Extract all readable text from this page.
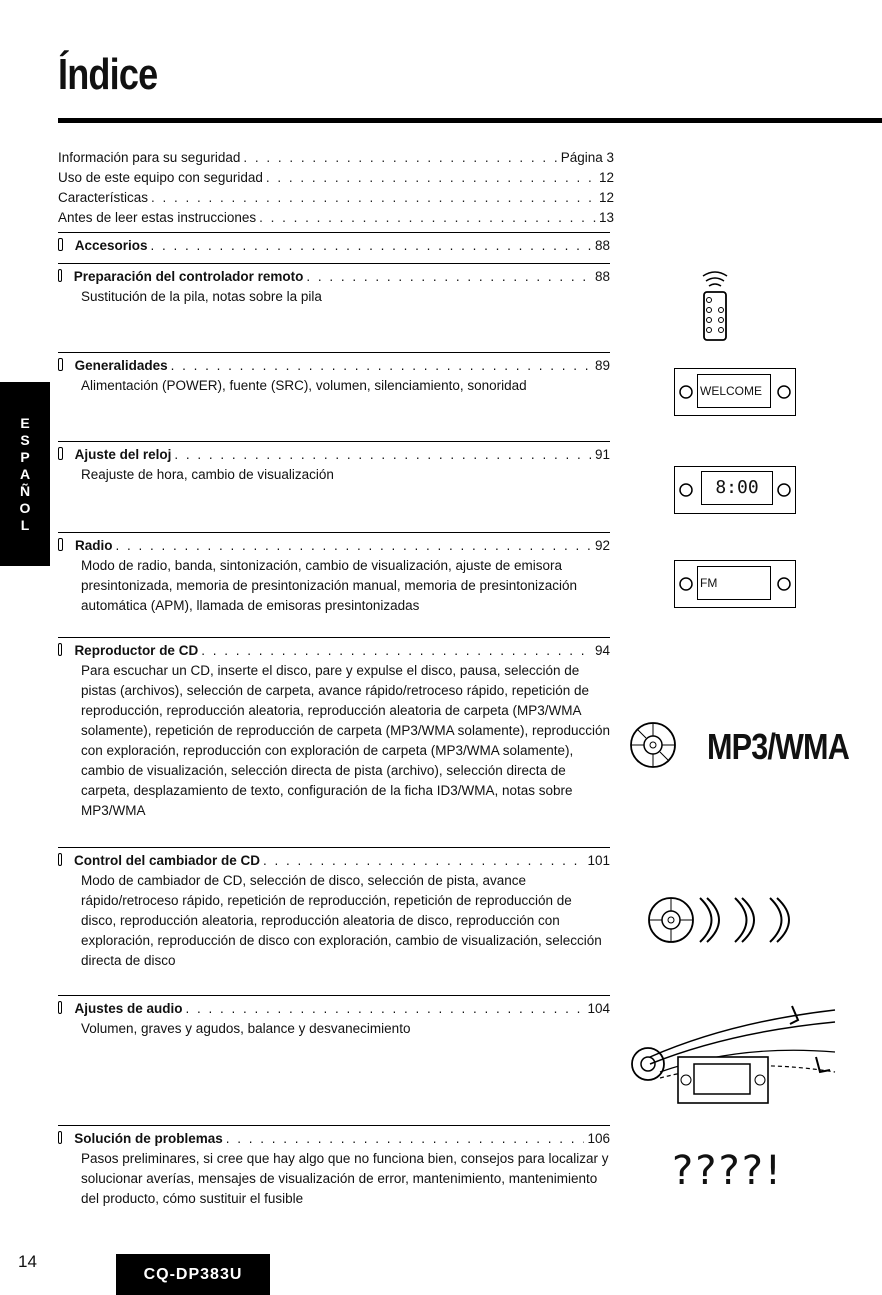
Índice
E
S
P
A
Ñ
O
L
Información para su seguridad . . .	Página 3
Uso de este equipo con seguridad . . .	12
Características . . .	12
Antes de leer estas instrucciones . . .	13
Accesorios . . .	88
Preparación del controlador remoto . . .	88
Sustitución de la pila, notas sobre la pila
Generalidades . . .	89
Alimentación (POWER), fuente (SRC), volumen, silenciamiento, sonoridad
Ajuste del reloj . . .	91
Reajuste de hora, cambio de visualización
Radio . . .	92
Modo de radio, banda, sintonización, cambio de visualización, ajuste de emisora presintonizada, memoria de presintonización manual, memoria de presintonización automática (APM), llamada de emisoras presintonizadas
Reproductor de CD . . .	94
Para escuchar un CD, inserte el disco, pare y expulse el disco, pausa, selección de pistas (archivos), selección de carpeta, avance rápido/retroceso rápido, repetición de reproducción, reproducción aleatoria, reproducción aleatoria de carpeta (MP3/WMA solamente), repetición de reproducción de carpeta (MP3/WMA solamente), reproducción con exploración, reproducción con exploración de carpeta (MP3/WMA solamente), cambio de visualización, selección directa de pista (archivo), selección directa de carpeta, desplazamiento de texto, configuración de la ficha ID3/WMA, notas sobre MP3/WMA
Control del cambiador de CD . . .	101
Modo de cambiador de CD, selección de disco, selección de pista, avance rápido/retroceso rápido, repetición de reproducción, repetición de reproducción de disco, reproducción aleatoria, reproducción aleatoria de disco, reproducción con exploración, reproducción de disco con exploración, cambio de visualización, selección directa de disco
Ajustes de audio . . .	104
Volumen, graves y agudos, balance y desvanecimiento
Solución de problemas . . .	106
Pasos preliminares, si cree que hay algo que no funciona bien, consejos para localizar y solucionar averías, mensajes de visualización de error, mantenimiento, mantenimiento del producto, cómo sustituir el fusible
WELCOME
8:00
FM
MP3/WMA
????!
14
CQ-DP383U
